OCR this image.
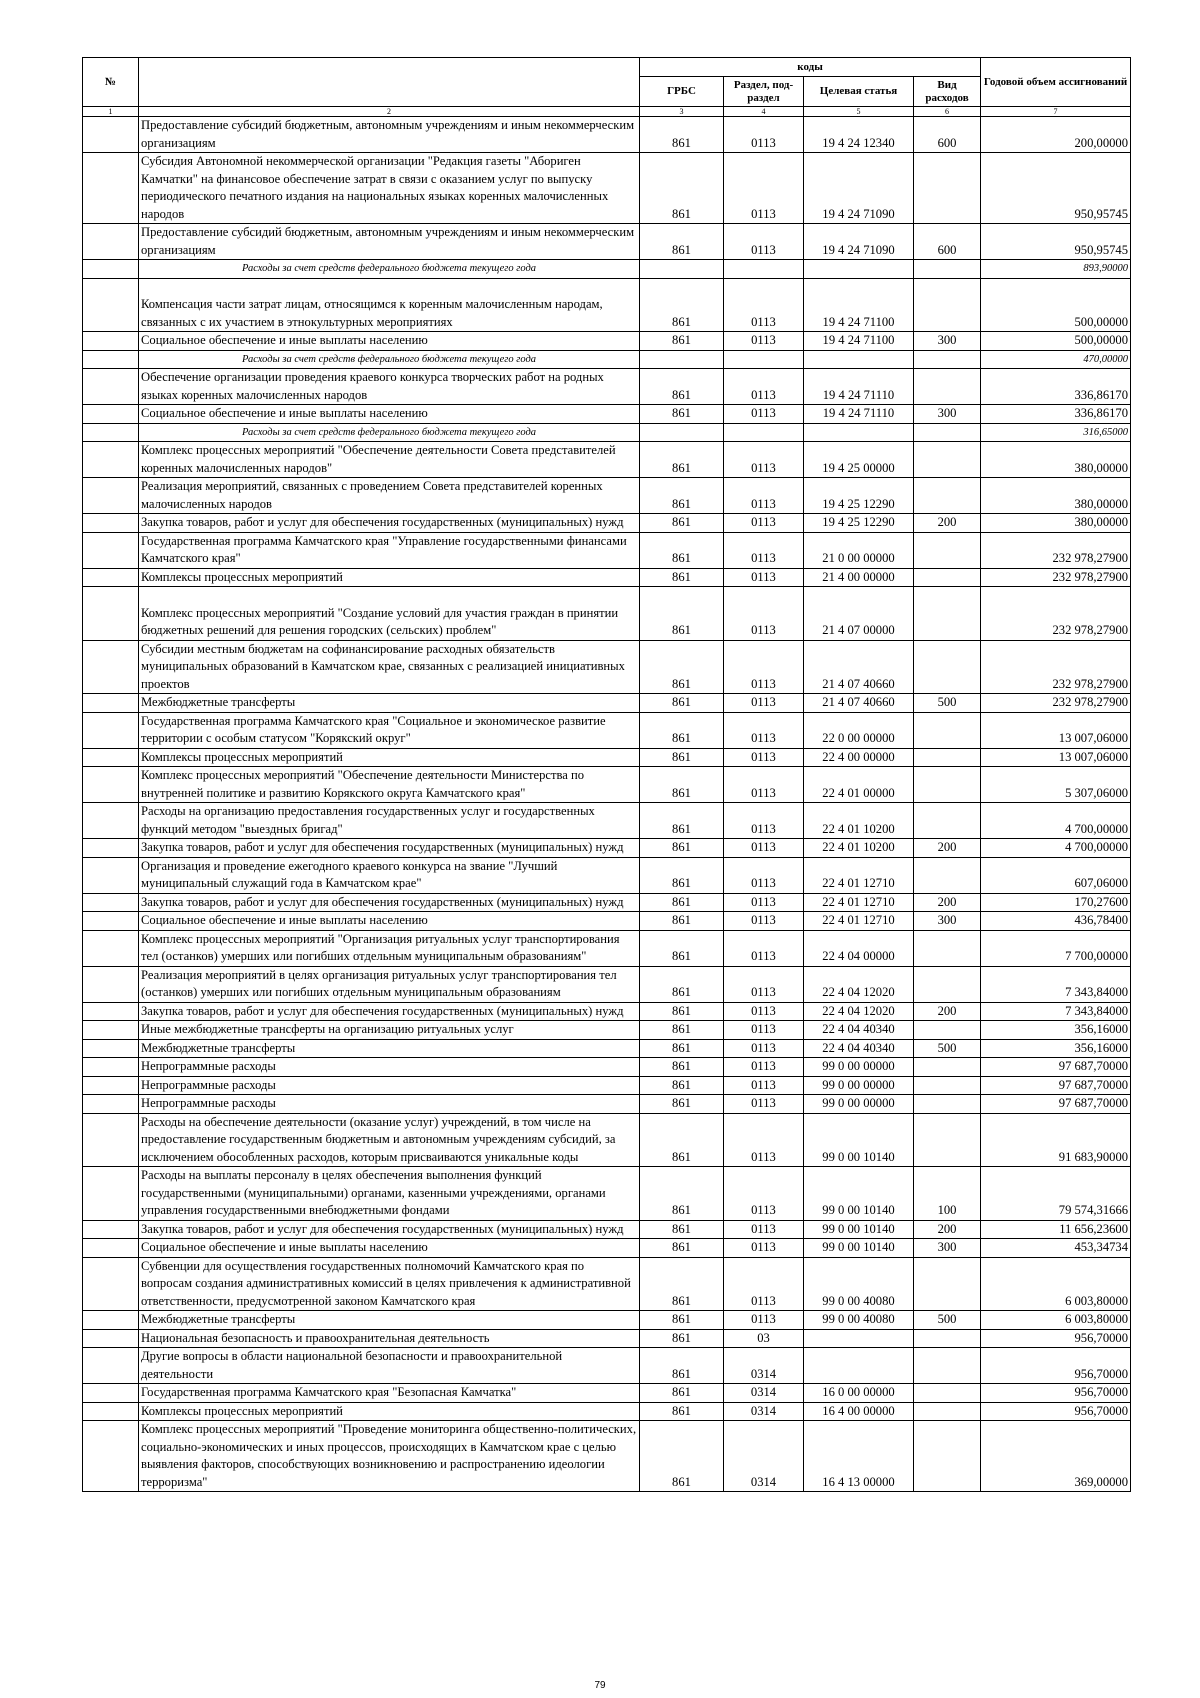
№		коды				Годовой объем ассигнований
		ГРБС	Раздел, под-раздел	Целевая статья	Вид расходов	
1	2	3	4	5	6	7
	Предоставление субсидий бюджетным, автономным учреждениям и иным некоммерческим организациям	861	0113	19 4 24 12340	600	200,00000
	Субсидия Автономной некоммерческой организации "Редакция газеты "Абориген Камчатки" на финансовое обеспечение затрат в связи с оказанием услуг по выпуску периодического печатного издания на национальных языках коренных малочисленных народов	861	0113	19 4 24 71090		950,95745
	Предоставление субсидий бюджетным, автономным учреждениям и иным некоммерческим организациям	861	0113	19 4 24 71090	600	950,95745
	Расходы за счет средств федерального бюджета текущего года					893,90000
	Компенсация части затрат лицам, относящимся к коренным малочисленным народам, связанных с их участием в этнокультурных мероприятиях	861	0113	19 4 24 71100		500,00000
	Социальное обеспечение и иные выплаты населению	861	0113	19 4 24 71100	300	500,00000
	Расходы за счет средств федерального бюджета текущего года					470,00000
	Обеспечение организации проведения краевого конкурса творческих работ на родных языках коренных малочисленных народов	861	0113	19 4 24 71110		336,86170
	Социальное обеспечение и иные выплаты населению	861	0113	19 4 24 71110	300	336,86170
	Расходы за счет средств федерального бюджета текущего года					316,65000
	Комплекс процессных мероприятий "Обеспечение деятельности Совета представителей коренных малочисленных народов"	861	0113	19 4 25 00000		380,00000
	Реализация мероприятий, связанных с проведением Совета представителей коренных малочисленных народов	861	0113	19 4 25 12290		380,00000
	Закупка товаров, работ и услуг для обеспечения государственных (муниципальных) нужд	861	0113	19 4 25 12290	200	380,00000
	Государственная программа Камчатского края "Управление государственными финансами Камчатского края"	861	0113	21 0 00 00000		232 978,27900
	Комплексы процессных мероприятий	861	0113	21 4 00 00000		232 978,27900
	Комплекс процессных мероприятий "Создание условий для участия граждан в принятии бюджетных решений для решения городских (сельских) проблем"	861	0113	21 4 07 00000		232 978,27900
	Субсидии местным бюджетам на софинансирование расходных обязательств муниципальных образований в Камчатском крае, связанных с реализацией инициативных проектов	861	0113	21 4 07 40660		232 978,27900
	Межбюджетные трансферты	861	0113	21 4 07 40660	500	232 978,27900
	Государственная программа Камчатского края "Социальное и экономическое развитие территории с особым статусом "Корякский округ"	861	0113	22 0 00 00000		13 007,06000
	Комплексы процессных мероприятий	861	0113	22 4 00 00000		13 007,06000
	Комплекс процессных мероприятий "Обеспечение деятельности Министерства по внутренней политике и развитию Корякского округа Камчатского края"	861	0113	22 4 01 00000		5 307,06000
	Расходы на организацию предоставления государственных услуг и государственных функций методом "выездных бригад"	861	0113	22 4 01 10200		4 700,00000
	Закупка товаров, работ и услуг для обеспечения государственных (муниципальных) нужд	861	0113	22 4 01 10200	200	4 700,00000
	Организация и проведение ежегодного краевого конкурса на звание "Лучший муниципальный служащий года в Камчатском крае"	861	0113	22 4 01 12710		607,06000
	Закупка товаров, работ и услуг для обеспечения государственных (муниципальных) нужд	861	0113	22 4 01 12710	200	170,27600
	Социальное обеспечение и иные выплаты населению	861	0113	22 4 01 12710	300	436,78400
	Комплекс процессных мероприятий "Организация ритуальных услуг транспортирования тел (останков) умерших или погибших отдельным муниципальным образованиям"	861	0113	22 4 04 00000		7 700,00000
	Реализация мероприятий в целях организация ритуальных услуг транспортирования тел (останков) умерших или погибших отдельным муниципальным образованиям	861	0113	22 4 04 12020		7 343,84000
	Закупка товаров, работ и услуг для обеспечения государственных (муниципальных) нужд	861	0113	22 4 04 12020	200	7 343,84000
	Иные межбюджетные трансферты на организацию ритуальных услуг	861	0113	22 4 04 40340		356,16000
	Межбюджетные трансферты	861	0113	22 4 04 40340	500	356,16000
	Непрограммные расходы	861	0113	99 0 00 00000		97 687,70000
	Непрограммные расходы	861	0113	99 0 00 00000		97 687,70000
	Непрограммные расходы	861	0113	99 0 00 00000		97 687,70000
	Расходы на обеспечение деятельности (оказание услуг) учреждений, в том числе на предоставление государственным бюджетным и автономным учреждениям субсидий, за исключением обособленных расходов, которым присваиваются уникальные коды	861	0113	99 0 00 10140		91 683,90000
	Расходы на выплаты персоналу в целях обеспечения выполнения функций государственными (муниципальными) органами, казенными учреждениями, органами управления государственными внебюджетными фондами	861	0113	99 0 00 10140	100	79 574,31666
	Закупка товаров, работ и услуг для обеспечения государственных (муниципальных) нужд	861	0113	99 0 00 10140	200	11 656,23600
	Социальное обеспечение и иные выплаты населению	861	0113	99 0 00 10140	300	453,34734
	Субвенции для осуществления государственных полномочий Камчатского края по вопросам создания административных комиссий в целях привлечения к административной ответственности, предусмотренной законом Камчатского края	861	0113	99 0 00 40080		6 003,80000
	Межбюджетные трансферты	861	0113	99 0 00 40080	500	6 003,80000
	Национальная безопасность и правоохранительная деятельность	861	03			956,70000
	Другие вопросы в области национальной безопасности и правоохранительной деятельности	861	0314			956,70000
	Государственная программа Камчатского края "Безопасная Камчатка"	861	0314	16 0 00 00000		956,70000
	Комплексы процессных мероприятий	861	0314	16 4 00 00000		956,70000
	Комплекс процессных мероприятий "Проведение мониторинга общественно-политических, социально-экономических и иных процессов, происходящих в Камчатском крае с целью выявления факторов, способствующих возникновению и распространению идеологии терроризма"	861	0314	16 4 13 00000		369,00000
79
